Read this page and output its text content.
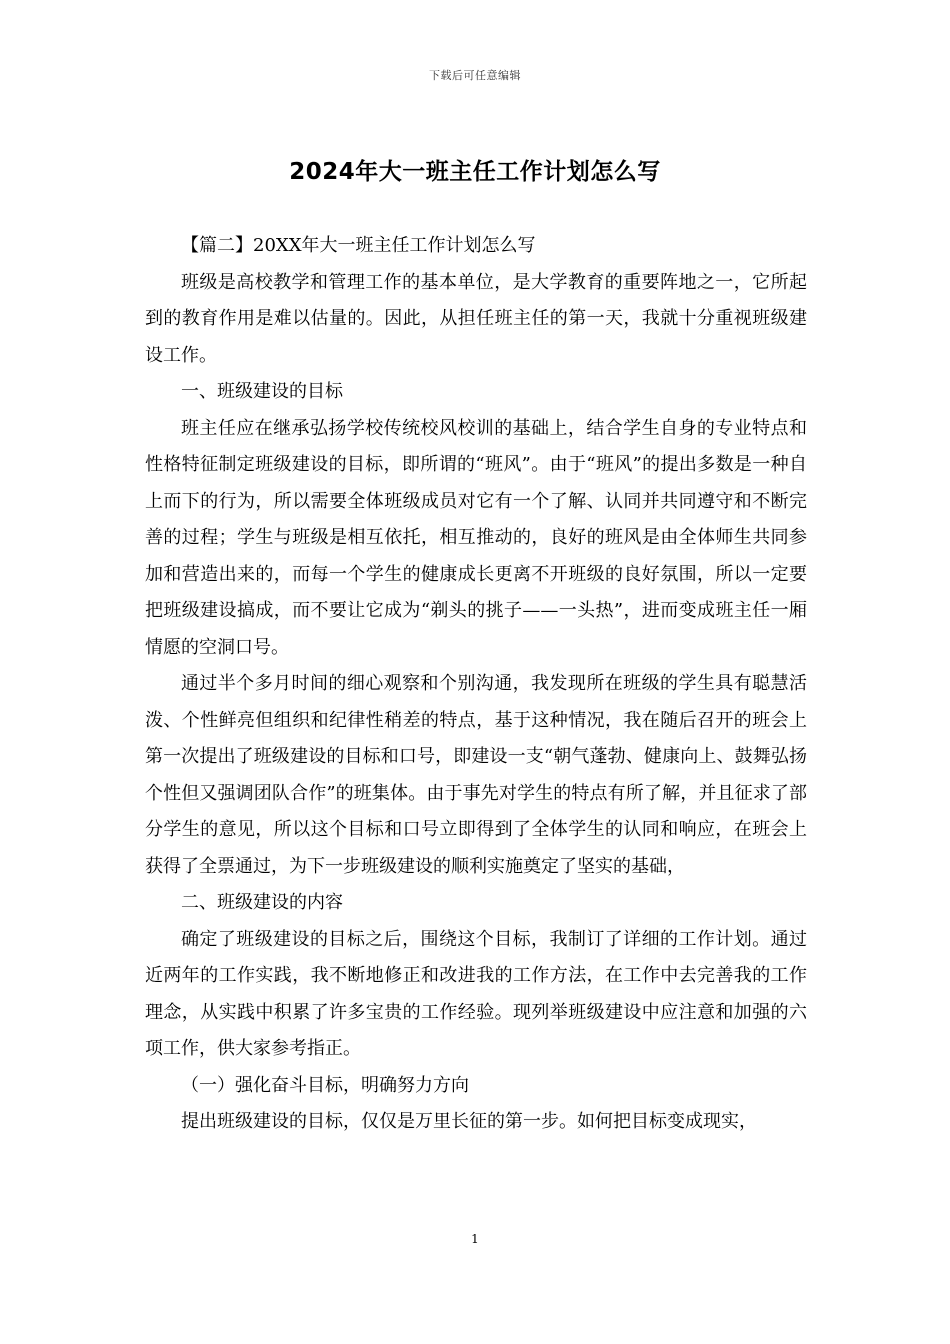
下载后可任意编辑
2024年大一班主任工作计划怎么写

【篇二】20XX年大一班主任工作计划怎么写

班级是高校教学和管理工作的基本单位，是大学教育的重要阵地之一，它所起到的教育作用是难以估量的。因此，从担任班主任的第一天，我就十分重视班级建设工作。

一、班级建设的目标

班主任应在继承弘扬学校传统校风校训的基础上，结合学生自身的专业特点和性格特征制定班级建设的目标，即所谓的“班风”。由于“班风”的提出多数是一种自上而下的行为，所以需要全体班级成员对它有一个了解、认同并共同遵守和不断完善的过程；学生与班级是相互依托，相互推动的，良好的班风是由全体师生共同参加和营造出来的，而每一个学生的健康成长更离不开班级的良好氛围，所以一定要把班级建设搞成，而不要让它成为“剃头的挑子——一头热”，进而变成班主任一厢情愿的空洞口号。

通过半个多月时间的细心观察和个别沟通，我发现所在班级的学生具有聪慧活泼、个性鲜亮但组织和纪律性稍差的特点，基于这种情况，我在随后召开的班会上第一次提出了班级建设的目标和口号，即建设一支“朝气蓬勃、健康向上、鼓舞弘扬个性但又强调团队合作”的班集体。由于事先对学生的特点有所了解，并且征求了部分学生的意见，所以这个目标和口号立即得到了全体学生的认同和响应，在班会上获得了全票通过，为下一步班级建设的顺利实施奠定了坚实的基础，

二、班级建设的内容

确定了班级建设的目标之后，围绕这个目标，我制订了详细的工作计划。通过近两年的工作实践，我不断地修正和改进我的工作方法，在工作中去完善我的工作理念，从实践中积累了许多宝贵的工作经验。现列举班级建设中应注意和加强的六项工作，供大家参考指正。

（一）强化奋斗目标，明确努力方向

提出班级建设的目标，仅仅是万里长征的第一步。如何把目标变成现实，

1
